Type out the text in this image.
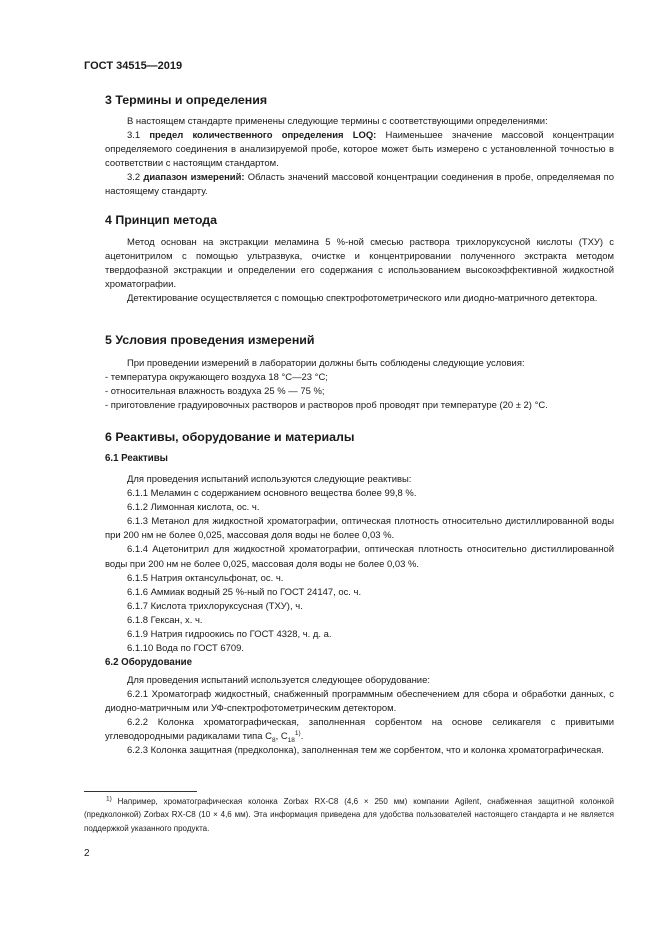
ГОСТ 34515—2019
3 Термины и определения

В настоящем стандарте применены следующие термины с соответствующими определениями:

3.1 предел количественного определения LOQ: Наименьшее значение массовой концентрации определяемого соединения в анализируемой пробе, которое может быть измерено с установленной точностью в соответствии с настоящим стандартом.

3.2 диапазон измерений: Область значений массовой концентрации соединения в пробе, определяемая по настоящему стандарту.

4 Принцип метода

Метод основан на экстракции меламина 5 %-ной смесью раствора трихлоруксусной кислоты (ТХУ) с ацетонитрилом с помощью ультразвука, очистке и концентрировании полученного экстракта методом твердофазной экстракции и определении его содержания с использованием высокоэффективной жидкостной хроматографии.

Детектирование осуществляется с помощью спектрофотометрического или диодно-матричного детектора.

5 Условия проведения измерений

При проведении измерений в лаборатории должны быть соблюдены следующие условия:

- температура окружающего воздуха 18 °С—23 °С;

- относительная влажность воздуха 25 % — 75 %;

- приготовление градуировочных растворов и растворов проб проводят при температуре (20 ± 2) °С.

6 Реактивы, оборудование и материалы
6.1 Реактивы

Для проведения испытаний используются следующие реактивы:

6.1.1 Меламин с содержанием основного вещества более 99,8 %.

6.1.2 Лимонная кислота, ос. ч.

6.1.3 Метанол для жидкостной хроматографии, оптическая плотность относительно дистиллированной воды при 200 нм не более 0,025, массовая доля воды не более 0,03 %.

6.1.4 Ацетонитрил для жидкостной хроматографии, оптическая плотность относительно дистиллированной воды при 200 нм не более 0,025, массовая доля воды не более 0,03 %.

6.1.5 Натрия октансульфонат, ос. ч.

6.1.6 Аммиак водный 25 %-ный по ГОСТ 24147, ос. ч.

6.1.7 Кислота трихлоруксусная (ТХУ), ч.

6.1.8 Гексан, х. ч.

6.1.9 Натрия гидроокись по ГОСТ 4328, ч. д. а.

6.1.10 Вода по ГОСТ 6709.

6.2 Оборудование

Для проведения испытаний используется следующее оборудование:

6.2.1 Хроматограф жидкостный, снабженный программным обеспечением для сбора и обработки данных, с диодно-матричным или УФ-спектрофотометрическим детектором.

6.2.2 Колонка хроматографическая, заполненная сорбентом на основе селикагеля с привитыми углеводородными радикалами типа $C_8$, $C_{18}^{1)}$.

6.2.3 Колонка защитная (предколонка), заполненная тем же сорбентом, что и колонка хроматографическая.

$^{1)}$ Например, хроматографическая колонка Zorbax RX-C8 (4,6 × 250 мм) компании Agilent, снабженная защитной колонкой (предколонкой) Zorbax RX-C8 (10 × 4,6 мм). Эта информация приведена для удобства пользователей настоящего стандарта и не является поддержкой указанного продукта.
2
